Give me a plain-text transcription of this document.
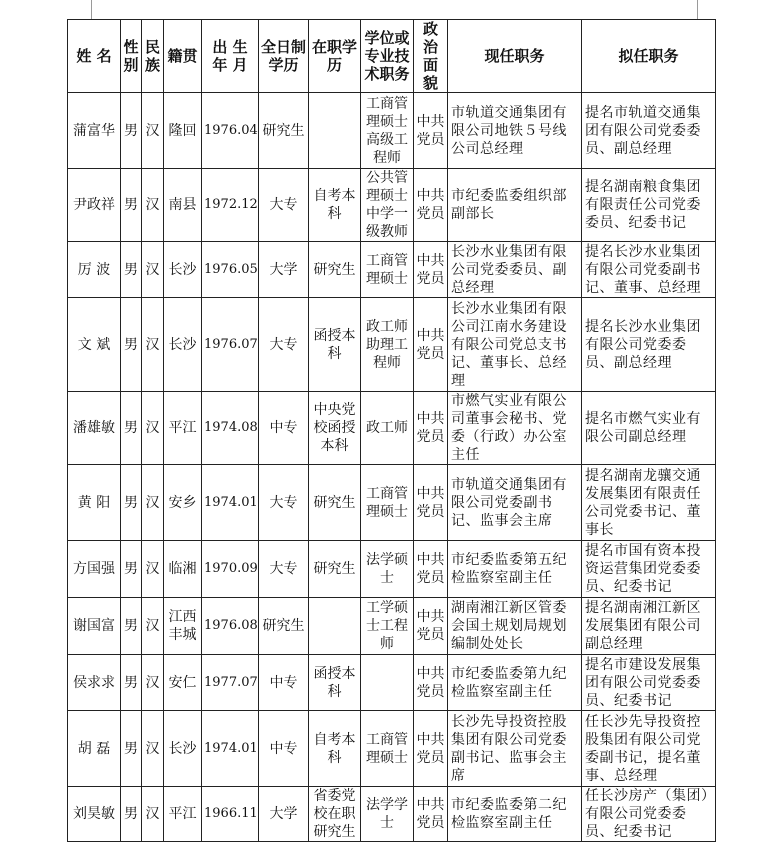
姓 名	性别	民族	籍贯	出 生 年 月	全日制学历	在职学历	学位或专业技术职务	政治面貌	现任职务	拟任职务
蒲富华	男	汉	隆回	1976.04	研究生		工商管理硕士高级工程师	中共党员	市轨道交通集团有限公司地铁５号线公司总经理	提名市轨道交通集团有限公司党委委员、副总经理
尹政祥	男	汉	南县	1972.12	大专	自考本科	公共管理硕士中学一级教师	中共党员	市纪委监委组织部副部长	提名湖南粮食集团有限责任公司党委委员、纪委书记
厉 波	男	汉	长沙	1976.05	大学	研究生	工商管理硕士	中共党员	长沙水业集团有限公司党委委员、副总经理	提名长沙水业集团有限公司党委副书记、董事、总经理
文 斌	男	汉	长沙	1976.07	大专	函授本科	政工师助理工程师	中共党员	长沙水业集团有限公司江南水务建设有限公司党总支书记、董事长、总经理	提名长沙水业集团有限公司党委委员、副总经理
潘雄敏	男	汉	平江	1974.08	中专	中央党校函授本科	政工师	中共党员	市燃气实业有限公司董事会秘书、党委（行政）办公室主任	提名市燃气实业有限公司副总经理
黄 阳	男	汉	安乡	1974.01	大专	研究生	工商管理硕士	中共党员	市轨道交通集团有限公司党委副书记、监事会主席	提名湖南龙骧交通发展集团有限责任公司党委书记、董事长
方国强	男	汉	临湘	1970.09	大专	研究生	法学硕士	中共党员	市纪委监委第五纪检监察室副主任	提名市国有资本投资运营集团党委委员、纪委书记
谢国富	男	汉	江西丰城	1976.08	研究生		工学硕士工程师	中共党员	湖南湘江新区管委会国土规划局规划编制处处长	提名湖南湘江新区发展集团有限公司副总经理
侯求求	男	汉	安仁	1977.07	中专	函授本科		中共党员	市纪委监委第九纪检监察室副主任	提名市建设发展集团有限公司党委委员、纪委书记
胡 磊	男	汉	长沙	1974.01	中专	自考本科	工商管理硕士	中共党员	长沙先导投资控股集团有限公司党委副书记、监事会主席	任长沙先导投资控股集团有限公司党委副书记，提名董事、总经理
刘昊敏	男	汉	平江	1966.11	大学	省委党校在职研究生	法学学士	中共党员	市纪委监委第二纪检监察室副主任	任长沙房产（集团）有限公司党委委员、纪委书记
